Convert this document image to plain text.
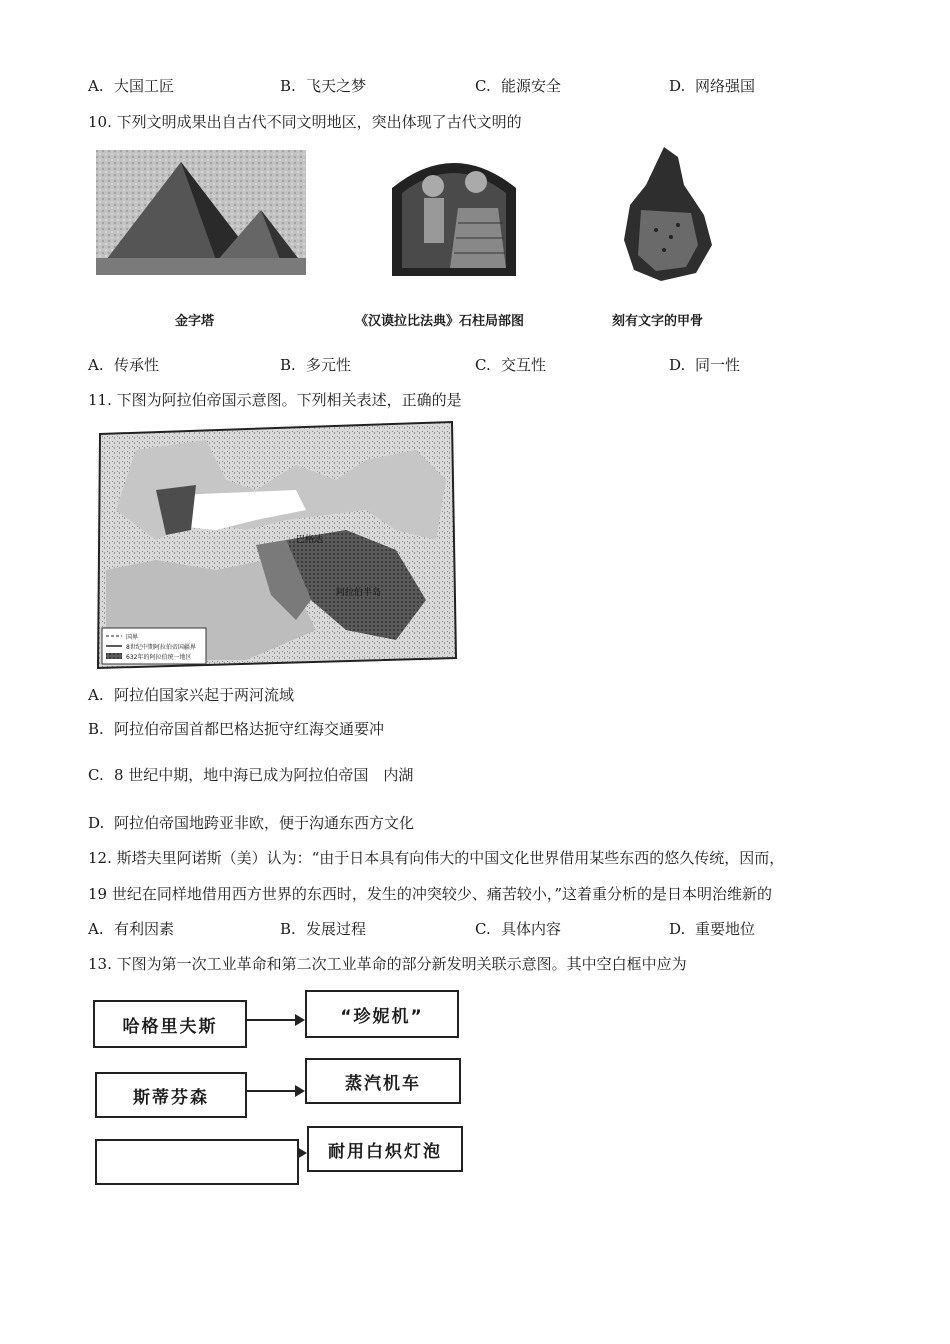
A. 大国工匠	B. 飞天之梦	C. 能源安全	D. 网络强国
10. 下列文明成果出自古代不同文明地区，突出体现了古代文明的
金字塔	《汉谟拉比法典》石柱局部图	刻有文字的甲骨
A. 传承性	B. 多元性	C. 交互性	D. 同一性
11. 下图为阿拉伯帝国示意图。下列相关表述，正确的是
巴格达
阿拉伯半岛
国界
8世纪中期阿拉伯帝国疆界
632年的阿拉伯统一地区
A. 阿拉伯国家兴起于两河流域
B. 阿拉伯帝国首都巴格达扼守红海交通要冲
C. 8 世纪中期，地中海已成为阿拉伯帝国　内湖
D. 阿拉伯帝国地跨亚非欧，便于沟通东西方文化
12. 斯塔夫里阿诺斯（美）认为：“由于日本具有向伟大的中国文化世界借用某些东西的悠久传统，因而，
19 世纪在同样地借用西方世界的东西时，发生的冲突较少、痛苦较小，”这着重分析的是日本明治维新的
A. 有利因素	B. 发展过程	C. 具体内容	D. 重要地位
13. 下图为第一次工业革命和第二次工业革命的部分新发明关联示意图。其中空白框中应为
哈格里夫斯	“珍妮机”
斯蒂芬森
蒸汽机车
耐用白炽灯泡
